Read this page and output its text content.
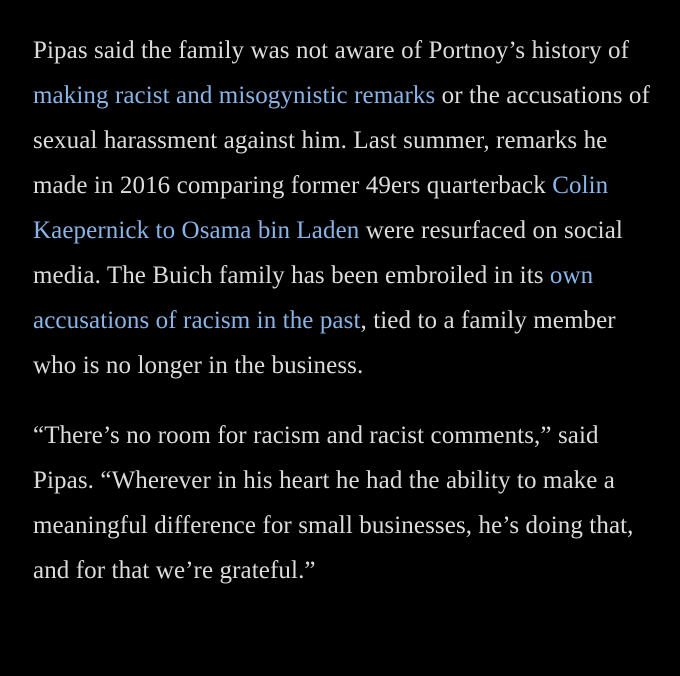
Pipas said the family was not aware of Portnoy’s history of making racist and misogynistic remarks or the accusations of sexual harassment against him. Last summer, remarks he made in 2016 comparing former 49ers quarterback Colin Kaepernick to Osama bin Laden were resurfaced on social media. The Buich family has been embroiled in its own accusations of racism in the past, tied to a family member who is no longer in the business.

“There’s no room for racism and racist comments,” said Pipas. “Wherever in his heart he had the ability to make a meaningful difference for small businesses, he’s doing that, and for that we’re grateful.”
